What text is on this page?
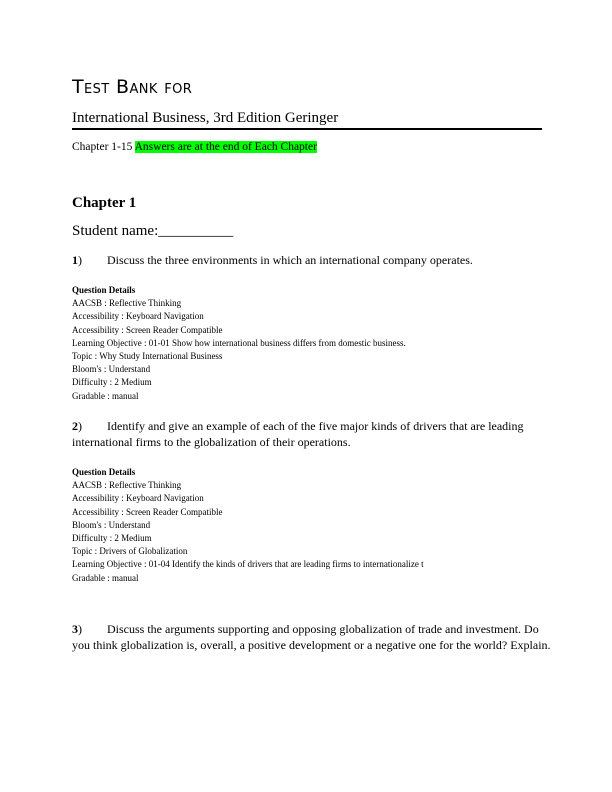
Test Bank for
International Business, 3rd Edition Geringer
Chapter 1-15 Answers are at the end of Each Chapter
Chapter 1
Student name:__________
1) Discuss the three environments in which an international company operates.
Question Details
AACSB : Reflective Thinking
Accessibility : Keyboard Navigation
Accessibility : Screen Reader Compatible
Learning Objective : 01-01 Show how international business differs from domestic business.
Topic : Why Study International Business
Bloom's : Understand
Difficulty : 2 Medium
Gradable : manual
2) Identify and give an example of each of the five major kinds of drivers that are leading international firms to the globalization of their operations.
Question Details
AACSB : Reflective Thinking
Accessibility : Keyboard Navigation
Accessibility : Screen Reader Compatible
Bloom's : Understand
Difficulty : 2 Medium
Topic : Drivers of Globalization
Learning Objective : 01-04 Identify the kinds of drivers that are leading firms to internationalize t
Gradable : manual
3) Discuss the arguments supporting and opposing globalization of trade and investment. Do you think globalization is, overall, a positive development or a negative one for the world? Explain.
